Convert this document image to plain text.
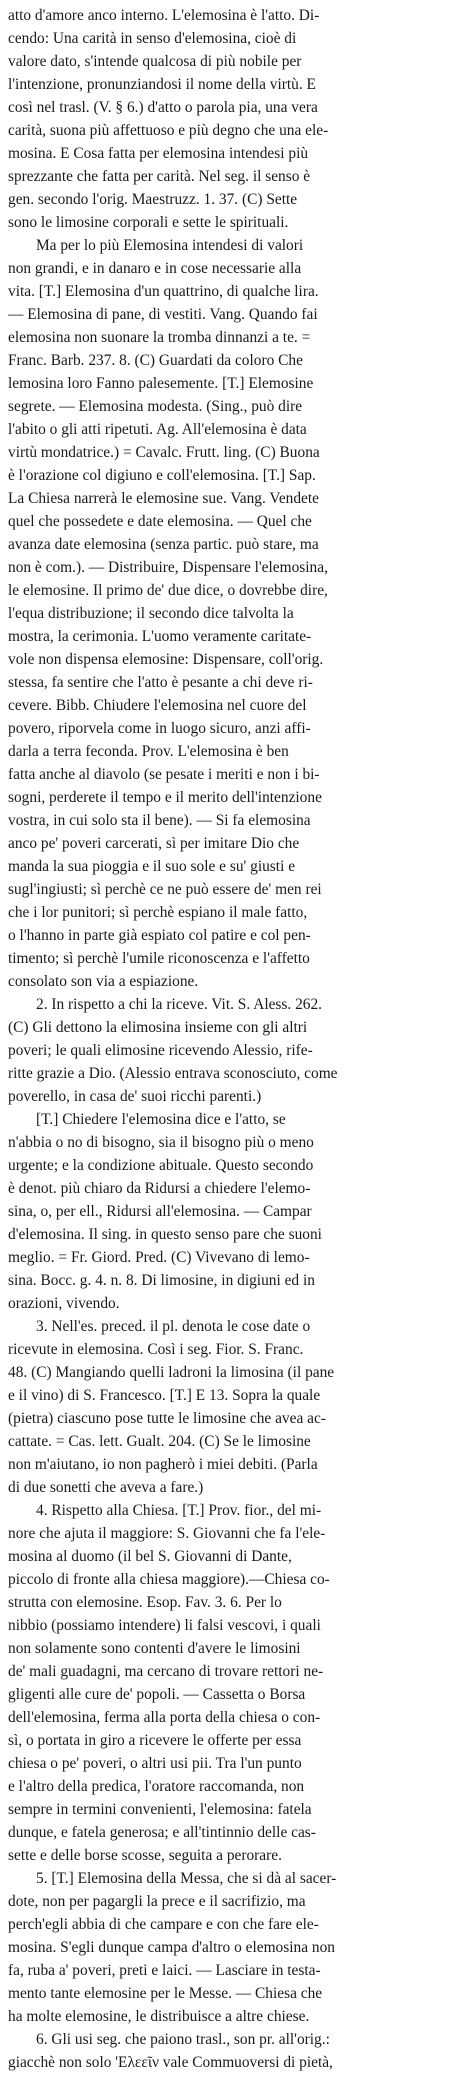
atto d'amore anco interno. L'elemosina è l'atto. Di-
cendo: Una carità in senso d'elemosina, cioè di
valore dato, s'intende qualcosa di più nobile per
l'intenzione, pronunziandosi il nome della virtù. E
così nel trasl. (V. § 6.) d'atto o parola pia, una vera
carità, suona più affettuoso e più degno che una ele-
mosina. E Cosa fatta per elemosina intendesi più
sprezzante che fatta per carità. Nel seg. il senso è
gen. secondo l'orig. Maestruzz. 1. 37. (C) Sette
sono le limosine corporali e sette le spirituali.
Ma per lo più Elemosina intendesi di valori
non grandi, e in danaro e in cose necessarie alla
vita. [T.] Elemosina d'un quattrino, di qualche lira.
— Elemosina di pane, di vestiti. Vang. Quando fai
elemosina non suonare la tromba dinnanzi a te. =
Franc. Barb. 237. 8. (C) Guardati da coloro Che
lemosina loro Fanno palesemente. [T.] Elemosine
segrete. — Elemosina modesta. (Sing., può dire
l'abito o gli atti ripetuti. Ag. All'elemosina è data
virtù mondatrice.) = Cavalc. Frutt. ling. (C) Buona
è l'orazione col digiuno e coll'elemosina. [T.] Sap.
La Chiesa narrerà le elemosine sue. Vang. Vendete
quel che possedete e date elemosina. — Quel che
avanza date elemosina (senza partic. può stare, ma
non è com.). — Distribuire, Dispensare l'elemosina,
le elemosine. Il primo de' due dice, o dovrebbe dire,
l'equa distribuzione; il secondo dice talvolta la
mostra, la cerimonia. L'uomo veramente caritate-
vole non dispensa elemosine: Dispensare, coll'orig.
stessa, fa sentire che l'atto è pesante a chi deve ri-
cevere. Bibb. Chiudere l'elemosina nel cuore del
povero, riporvela come in luogo sicuro, anzi affi-
darla a terra feconda. Prov. L'elemosina è ben
fatta anche al diavolo (se pesate i meriti e non i bi-
sogni, perderete il tempo e il merito dell'intenzione
vostra, in cui solo sta il bene). — Si fa elemosina
anco pe' poveri carcerati, sì per imitare Dio che
manda la sua pioggia e il suo sole e su' giusti e
sugl'ingiusti; sì perchè ce ne può essere de' men rei
che i lor punitori; sì perchè espiano il male fatto,
o l'hanno in parte già espiato col patire e col pen-
timento; sì perchè l'umile riconoscenza e l'affetto
consolato son via a espiazione.
2. In rispetto a chi la riceve. Vit. S. Aless. 262.
(C) Gli dettono la elimosina insieme con gli altri
poveri; le quali elimosine ricevendo Alessio, rife-
ritte grazie a Dio. (Alessio entrava sconosciuto, come
poverello, in casa de' suoi ricchi parenti.)
[T.] Chiedere l'elemosina dice e l'atto, se
n'abbia o no di bisogno, sia il bisogno più o meno
urgente; e la condizione abituale. Questo secondo
è denot. più chiaro da Ridursi a chiedere l'elemo-
sina, o, per ell., Ridursi all'elemosina. — Campar
d'elemosina. Il sing. in questo senso pare che suoni
meglio. = Fr. Giord. Pred. (C) Vivevano di lemo-
sina. Bocc. g. 4. n. 8. Di limosine, in digiuni ed in
orazioni, vivendo.
3. Nell'es. preced. il pl. denota le cose date o
ricevute in elemosina. Così i seg. Fior. S. Franc.
48. (C) Mangiando quelli ladroni la limosina (il pane
e il vino) di S. Francesco. [T.] E 13. Sopra la quale
(pietra) ciascuno pose tutte le limosine che avea ac-
cattate. = Cas. lett. Gualt. 204. (C) Se le limosine
non m'aiutano, io non pagherò i miei debiti. (Parla
di due sonetti che aveva a fare.)
4. Rispetto alla Chiesa. [T.] Prov. fior., del mi-
nore che ajuta il maggiore: S. Giovanni che fa l'ele-
mosina al duomo (il bel S. Giovanni di Dante,
piccolo di fronte alla chiesa maggiore).—Chiesa co-
strutta con elemosine. Esop. Fav. 3. 6. Per lo
nibbio (possiamo intendere) li falsi vescovi, i quali
non solamente sono contenti d'avere le limosini
de' mali guadagni, ma cercano di trovare rettori ne-
gligenti alle cure de' popoli. — Cassetta o Borsa
dell'elemosina, ferma alla porta della chiesa o con-
sì, o portata in giro a ricevere le offerte per essa
chiesa o pe' poveri, o altri usi pii. Tra l'un punto
e l'altro della predica, l'oratore raccomanda, non
sempre in termini convenienti, l'elemosina: fatela
dunque, e fatela generosa; e all'tintinnio delle cas-
sette e delle borse scosse, seguita a perorare.
5. [T.] Elemosina della Messa, che si dà al sacer-
dote, non per pagargli la prece e il sacrifizio, ma
perch'egli abbia di che campare e con che fare ele-
mosina. S'egli dunque campa d'altro o elemosina non
fa, ruba a' poveri, preti e laici. — Lasciare in testa-
mento tante elemosine per le Messe. — Chiesa che
ha molte elemosine, le distribuisce a altre chiese.
6. Gli usi seg. che paiono trasl., son pr. all'orig.:
giacchè non solo 'Ελεεῖν vale Commuoversi di pietà,
